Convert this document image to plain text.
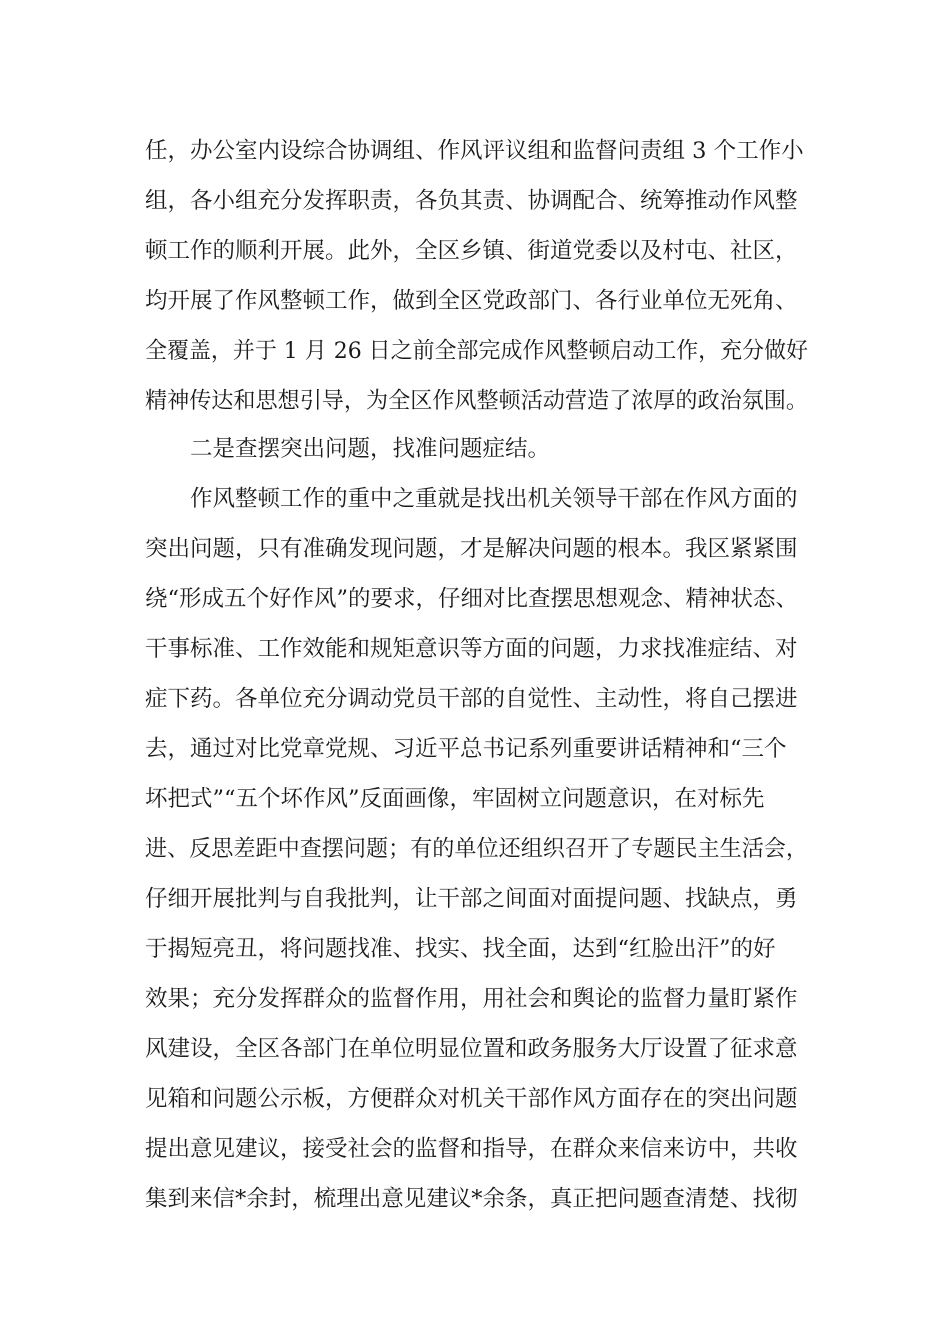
任，办公室内设综合协调组、作风评议组和监督问责组 3 个工作小
组，各小组充分发挥职责，各负其责、协调配合、统筹推动作风整
顿工作的顺利开展。此外，全区乡镇、街道党委以及村屯、社区，
均开展了作风整顿工作，做到全区党政部门、各行业单位无死角、
全覆盖，并于 1 月 26 日之前全部完成作风整顿启动工作，充分做好
精神传达和思想引导，为全区作风整顿活动营造了浓厚的政治氛围。
二是查摆突出问题，找准问题症结。
作风整顿工作的重中之重就是找出机关领导干部在作风方面的
突出问题，只有准确发现问题，才是解决问题的根本。我区紧紧围
绕“形成五个好作风”的要求，仔细对比查摆思想观念、精神状态、
干事标准、工作效能和规矩意识等方面的问题，力求找准症结、对
症下药。各单位充分调动党员干部的自觉性、主动性，将自己摆进
去，通过对比党章党规、习近平总书记系列重要讲话精神和“三个
坏把式”“五个坏作风”反面画像，牢固树立问题意识，在对标先
进、反思差距中查摆问题；有的单位还组织召开了专题民主生活会，
仔细开展批判与自我批判，让干部之间面对面提问题、找缺点，勇
于揭短亮丑，将问题找准、找实、找全面，达到“红脸出汗”的好
效果；充分发挥群众的监督作用，用社会和舆论的监督力量盯紧作
风建设，全区各部门在单位明显位置和政务服务大厅设置了征求意
见箱和问题公示板，方便群众对机关干部作风方面存在的突出问题
提出意见建议，接受社会的监督和指导，在群众来信来访中，共收
集到来信*余封，梳理出意见建议*余条，真正把问题查清楚、找彻
